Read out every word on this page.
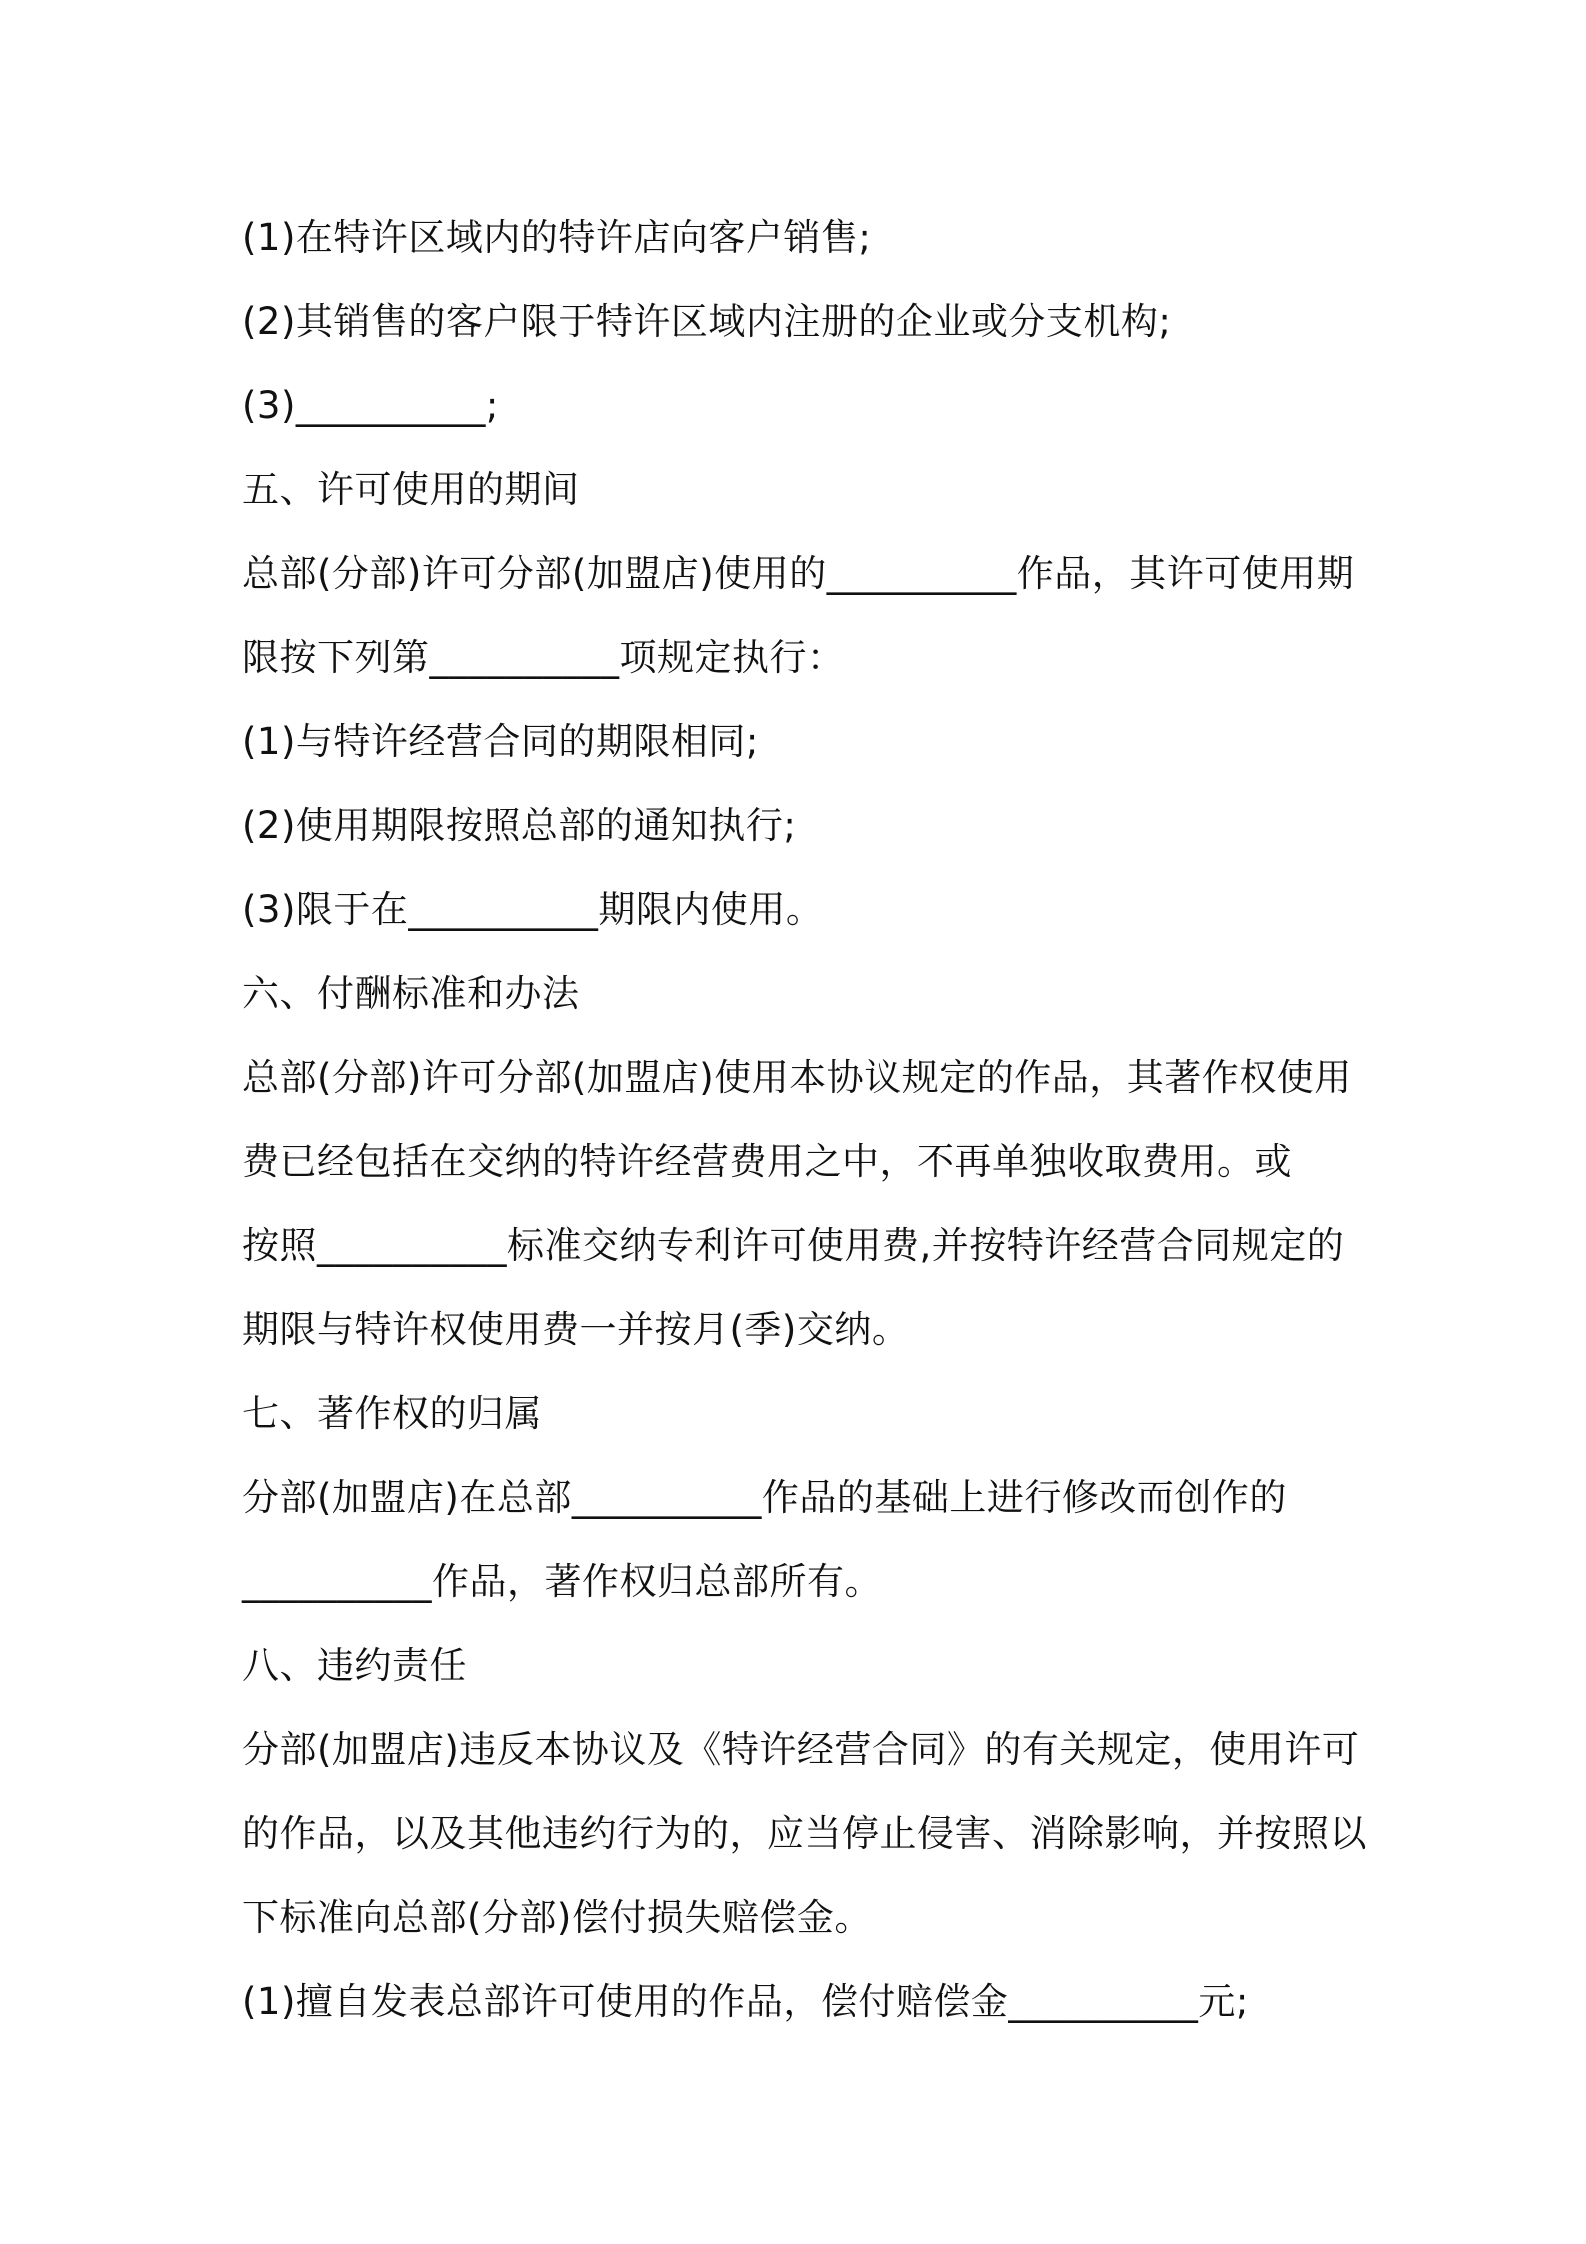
(1)在特许区域内的特许店向客户销售;
(2)其销售的客户限于特许区域内注册的企业或分支机构;
(3)__________;
五、许可使用的期间
总部(分部)许可分部(加盟店)使用的__________作品，其许可使用期
限按下列第__________项规定执行：
(1)与特许经营合同的期限相同;
(2)使用期限按照总部的通知执行;
(3)限于在__________期限内使用。
六、付酬标准和办法
总部(分部)许可分部(加盟店)使用本协议规定的作品，其著作权使用
费已经包括在交纳的特许经营费用之中，不再单独收取费用。或
按照__________标准交纳专利许可使用费,并按特许经营合同规定的
期限与特许权使用费一并按月(季)交纳。
七、著作权的归属
分部(加盟店)在总部__________作品的基础上进行修改而创作的
__________作品，著作权归总部所有。
八、违约责任
分部(加盟店)违反本协议及《特许经营合同》的有关规定，使用许可
的作品，以及其他违约行为的，应当停止侵害、消除影响，并按照以
下标准向总部(分部)偿付损失赔偿金。
(1)擅自发表总部许可使用的作品，偿付赔偿金__________元;
